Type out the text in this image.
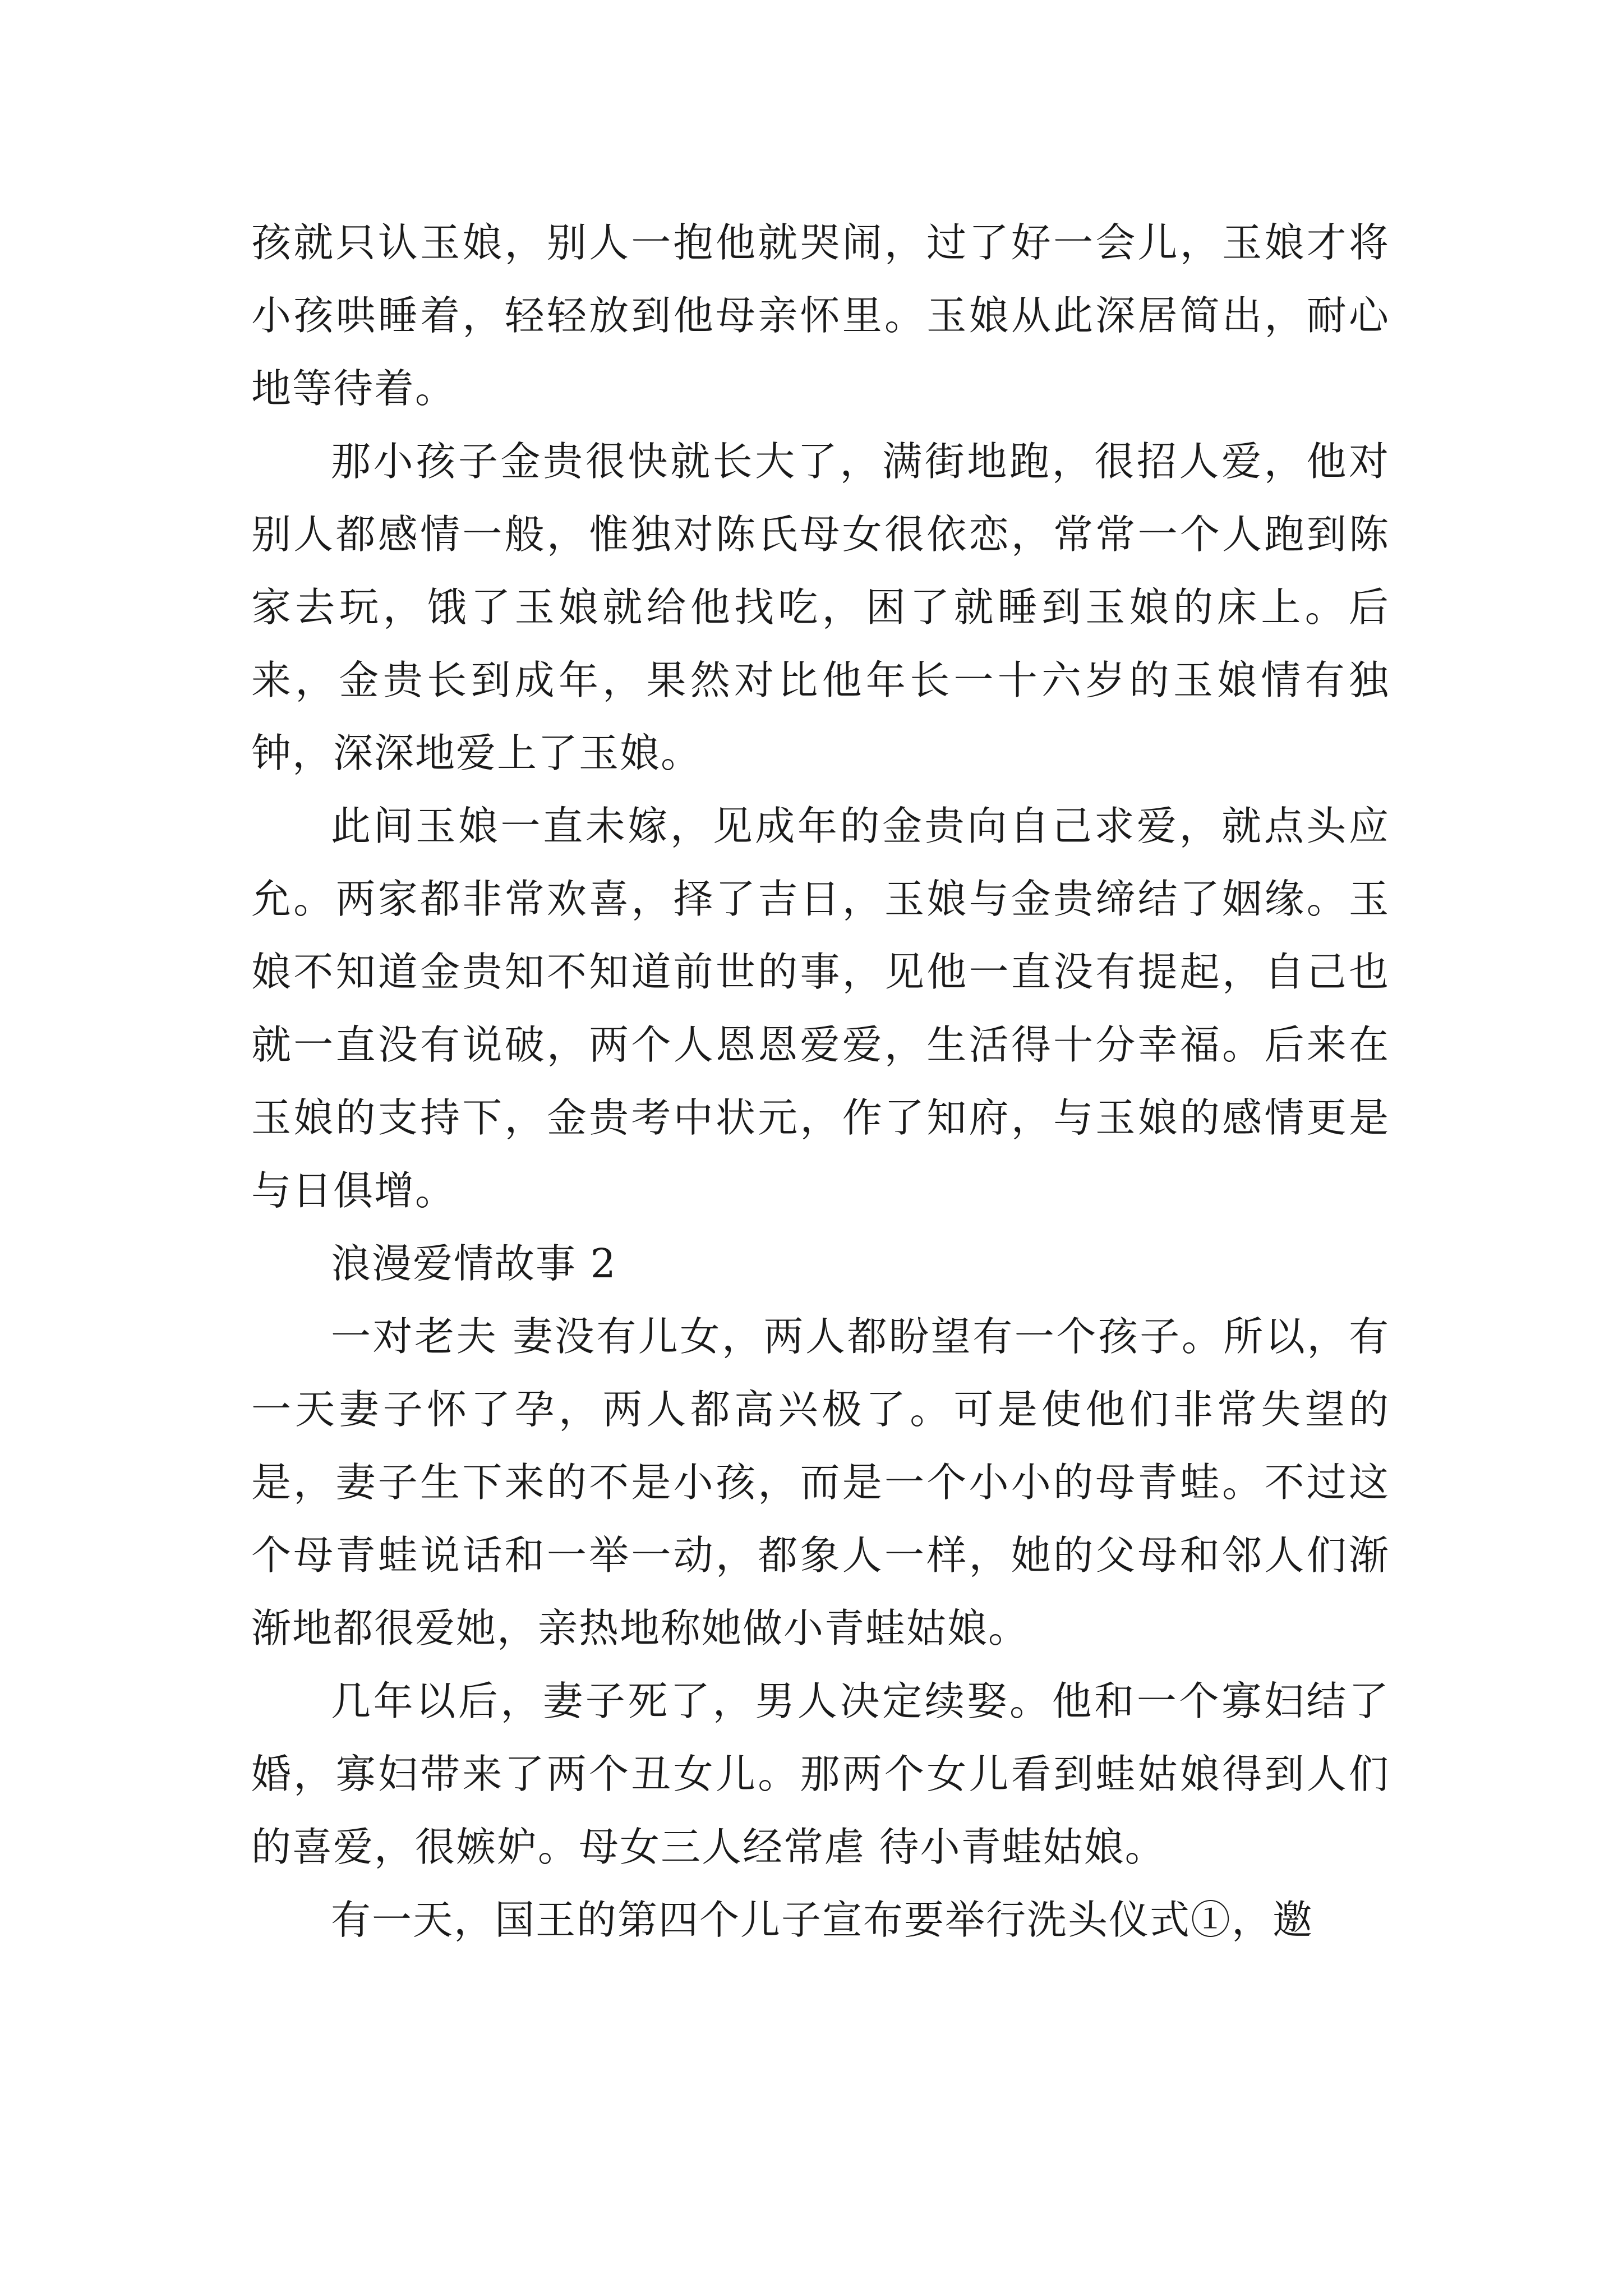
孩就只认玉娘，别人一抱他就哭闹，过了好一会儿，玉娘才将小孩哄睡着，轻轻放到他母亲怀里。玉娘从此深居简出，耐心地等待着。

那小孩子金贵很快就长大了，满街地跑，很招人爱，他对别人都感情一般，惟独对陈氏母女很依恋，常常一个人跑到陈家去玩，饿了玉娘就给他找吃，困了就睡到玉娘的床上。后来，金贵长到成年，果然对比他年长一十六岁的玉娘情有独钟，深深地爱上了玉娘。

此间玉娘一直未嫁，见成年的金贵向自己求爱，就点头应允。两家都非常欢喜，择了吉日，玉娘与金贵缔结了姻缘。玉娘不知道金贵知不知道前世的事，见他一直没有提起，自己也就一直没有说破，两个人恩恩爱爱，生活得十分幸福。后来在玉娘的支持下，金贵考中状元，作了知府，与玉娘的感情更是与日俱增。

浪漫爱情故事 2

一对老夫 妻没有儿女，两人都盼望有一个孩子。所以，有一天妻子怀了孕，两人都高兴极了。可是使他们非常失望的是，妻子生下来的不是小孩，而是一个小小的母青蛙。不过这个母青蛙说话和一举一动，都象人一样，她的父母和邻人们渐渐地都很爱她，亲热地称她做小青蛙姑娘。

几年以后，妻子死了，男人决定续娶。他和一个寡妇结了婚，寡妇带来了两个丑女儿。那两个女儿看到蛙姑娘得到人们的喜爱，很嫉妒。母女三人经常虐 待小青蛙姑娘。

有一天，国王的第四个儿子宣布要举行洗头仪式①，邀
